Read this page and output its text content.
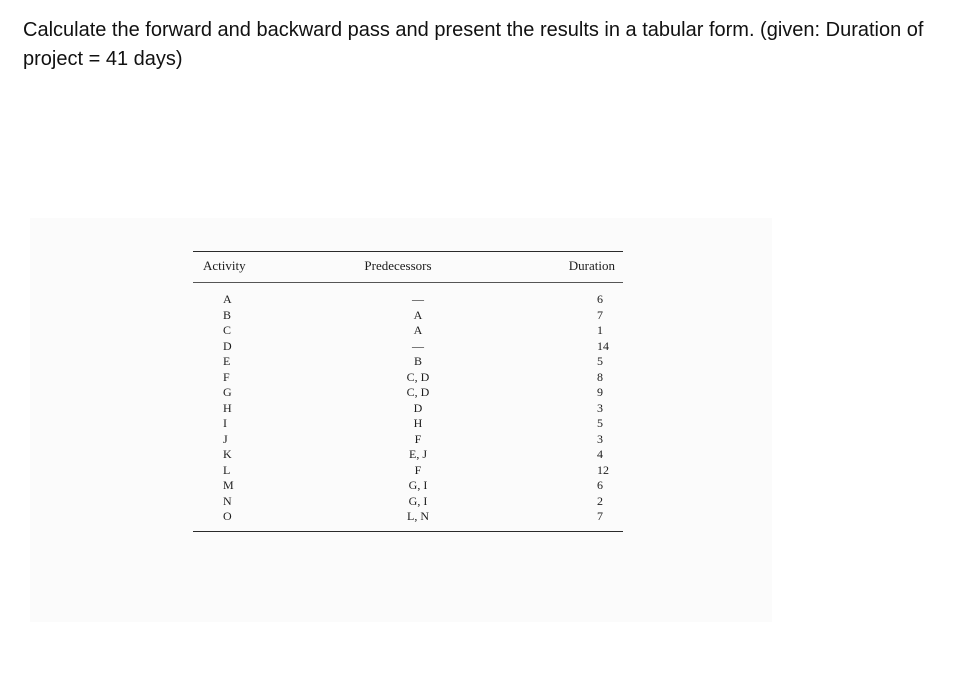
Calculate the forward and backward pass and present the results in a tabular form. (given: Duration of project = 41 days)

Activity	Predecessors	Duration
A	—	6
B	A	7
C	A	1
D	—	14
E	B	5
F	C, D	8
G	C, D	9
H	D	3
I	H	5
J	F	3
K	E, J	4
L	F	12
M	G, I	6
N	G, I	2
O	L, N	7
